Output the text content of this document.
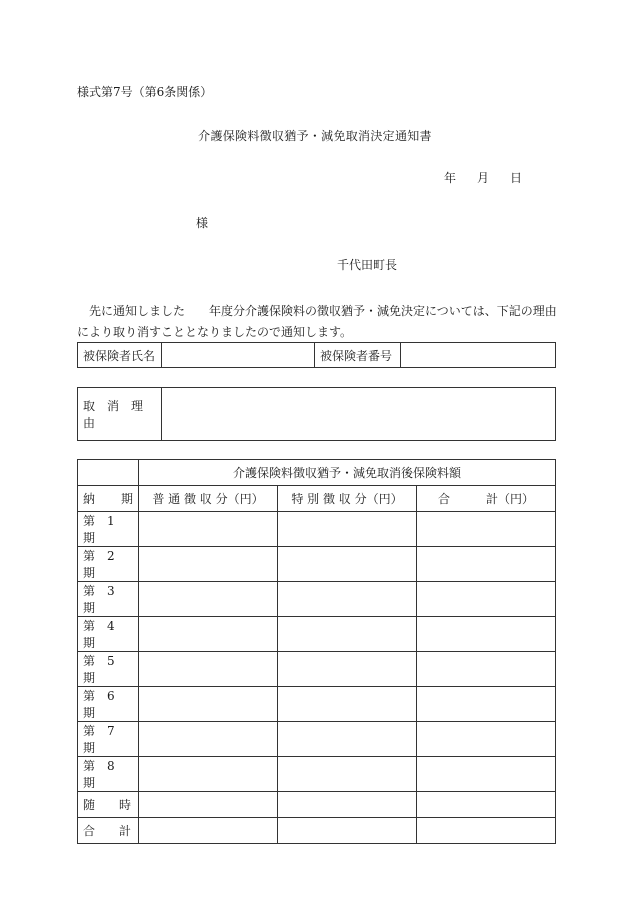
様式第7号（第6条関係）
介護保険料徴収猶予・減免取消決定通知書
年 月 日
様
千代田町長
　先に通知しました　　年度分介護保険料の徴収猶予・減免決定については、下記の理由により取り消すこととなりましたので通知します。
被保険者氏名		被保険者番号	
取　消　理　由	
	介護保険料徴収猶予・減免取消後保険料額		

納 期	普 通 徴 収 分（円）	特 別 徴 収 分（円）	合　　　計（円）
第　1　期			
第　2　期			
第　3　期			
第　4　期			
第　5　期			
第　6　期			
第　7　期			
第　8　期			
随　　時			
合　　計			
